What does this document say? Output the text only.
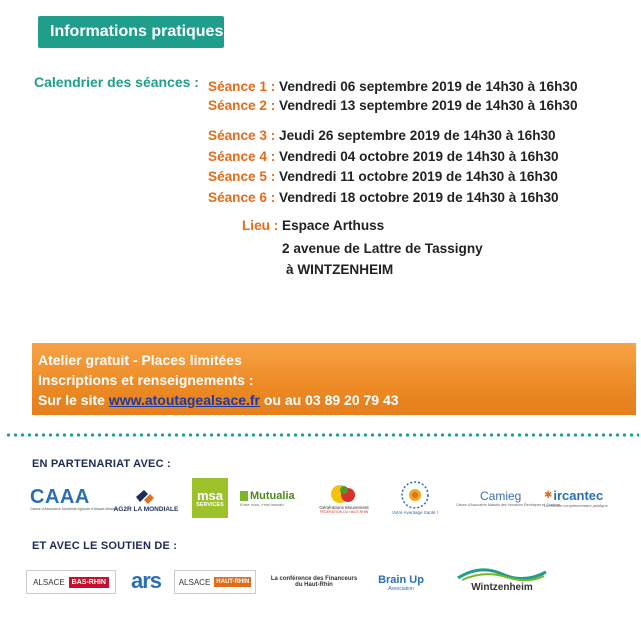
Informations pratiques
Calendrier des séances : Séance 1 : Vendredi 06 septembre 2019 de 14h30 à 16h30
Séance 2 : Vendredi 13 septembre 2019 de 14h30 à 16h30
Séance 3 : Jeudi 26 septembre 2019 de 14h30 à 16h30
Séance 4 : Vendredi 04 octobre 2019 de 14h30 à 16h30
Séance 5 : Vendredi 11 octobre 2019 de 14h30 à 16h30
Séance 6 : Vendredi 18 octobre 2019 de 14h30 à 16h30
Lieu : Espace Arthuss
2 avenue de Lattre de Tassigny
à WINTZENHEIM
Atelier gratuit - Places limitées
Inscriptions et renseignements :
Sur le site www.atoutagealsace.fr ou au 03 89 20 79 43
EN PARTENARIAT AVEC :
CAAA
Caisse d'Assurance Accidents Agricole d'Alsace-Moselle
AG2R LA MONDIALE
msa
SERVICES
Mutualia
Entre vous, c'est humain
Générations Mouvement
FÉDÉRATION DU HAUT-RHIN	Votre Avantage Santé !
Camieg
Caisse d'Assurance Maladie des Industries Électriques et Gazières
✱ ircantec
La retraite complémentaire publique
ET AVEC LE SOUTIEN DE :
ALSACE	BAS-RHIN ars ALSACE	HAUT-RHIN	La conférence des Financeurs
du Haut-Rhin	Brain Up
Association	Wintzenheim
